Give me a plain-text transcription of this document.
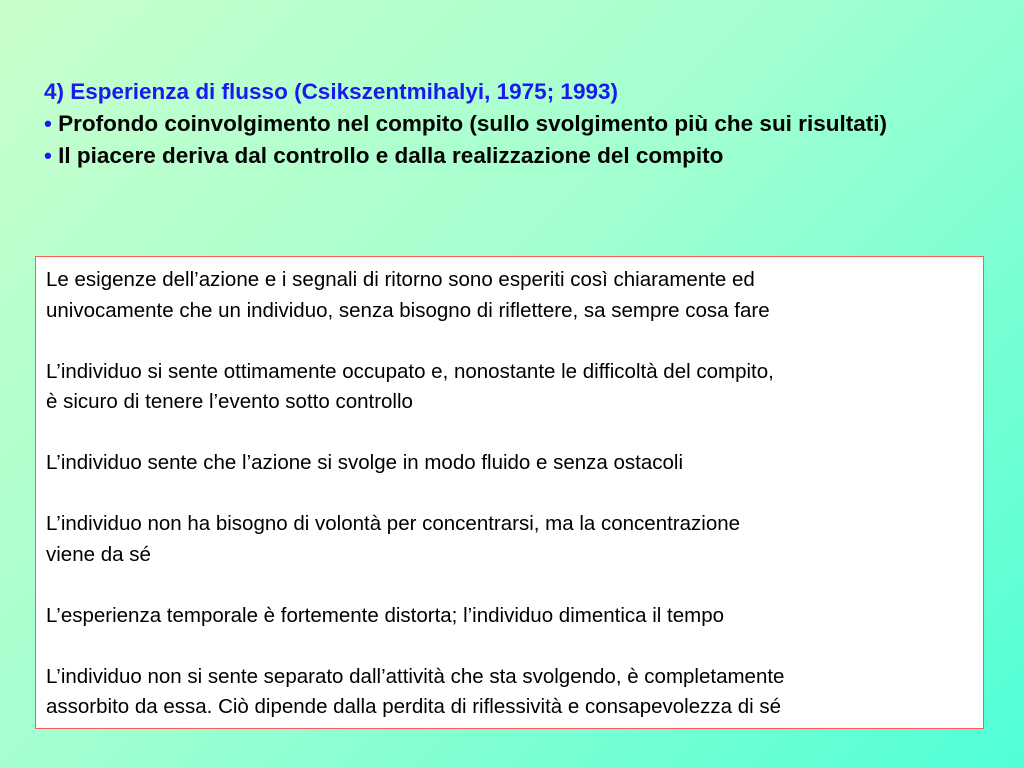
4) Esperienza di flusso (Csikszentmihalyi, 1975; 1993)
• Profondo coinvolgimento nel compito (sullo svolgimento più che sui risultati)
• Il piacere deriva dal controllo e dalla realizzazione del compito

Le esigenze dell’azione e i segnali di ritorno sono esperiti così chiaramente ed
univocamente che un individuo, senza bisogno di riflettere, sa sempre cosa fare

L’individuo si sente ottimamente occupato e, nonostante le difficoltà del compito,
è sicuro di tenere l’evento sotto controllo

L’individuo sente che l’azione si svolge in modo fluido e senza ostacoli

L’individuo non ha bisogno di volontà per concentrarsi, ma la concentrazione
viene da sé

L’esperienza temporale è fortemente distorta; l’individuo dimentica il tempo

L’individuo non si sente separato dall’attività che sta svolgendo, è completamente
assorbito da essa. Ciò dipende dalla perdita di riflessività e consapevolezza di sé
